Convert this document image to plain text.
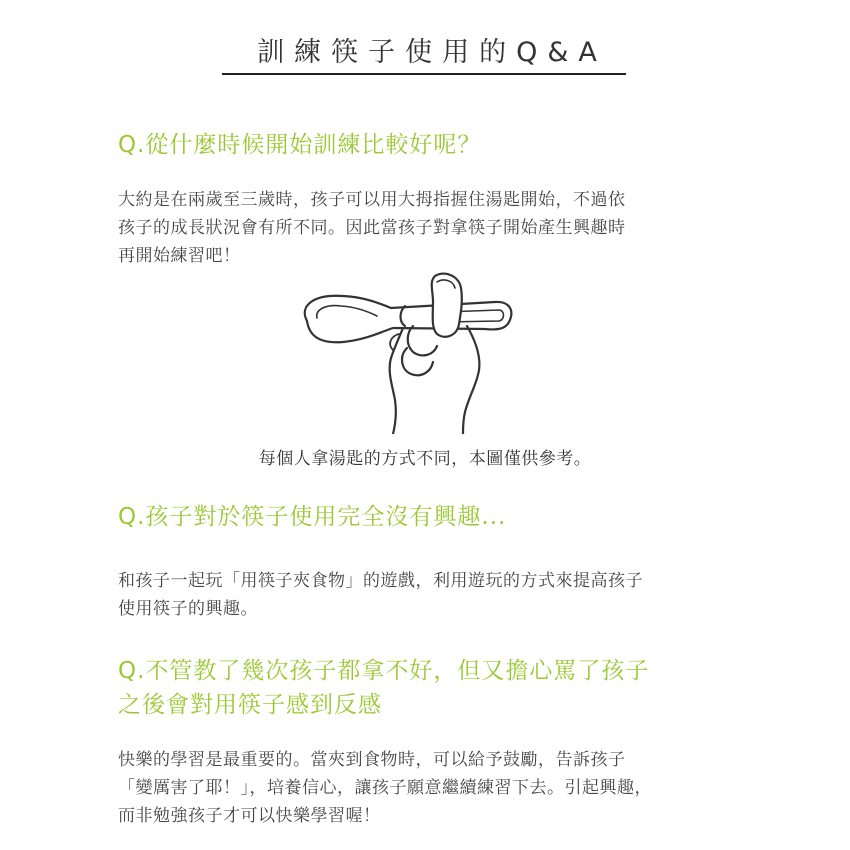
訓練筷子使用的Q&A
Q.從什麼時候開始訓練比較好呢？
大約是在兩歲至三歲時，孩子可以用大拇指握住湯匙開始，不過依
孩子的成長狀況會有所不同。因此當孩子對拿筷子開始產生興趣時
再開始練習吧！

每個人拿湯匙的方式不同，本圖僅供參考。

Q.孩子對於筷子使用完全沒有興趣...
和孩子一起玩「用筷子夾食物」的遊戲，利用遊玩的方式來提高孩子
使用筷子的興趣。
Q.不管教了幾次孩子都拿不好，但又擔心罵了孩子
之後會對用筷子感到反感
快樂的學習是最重要的。當夾到食物時，可以給予鼓勵，告訴孩子
「變厲害了耶！」，培養信心，讓孩子願意繼續練習下去。引起興趣，
而非勉強孩子才可以快樂學習喔！
